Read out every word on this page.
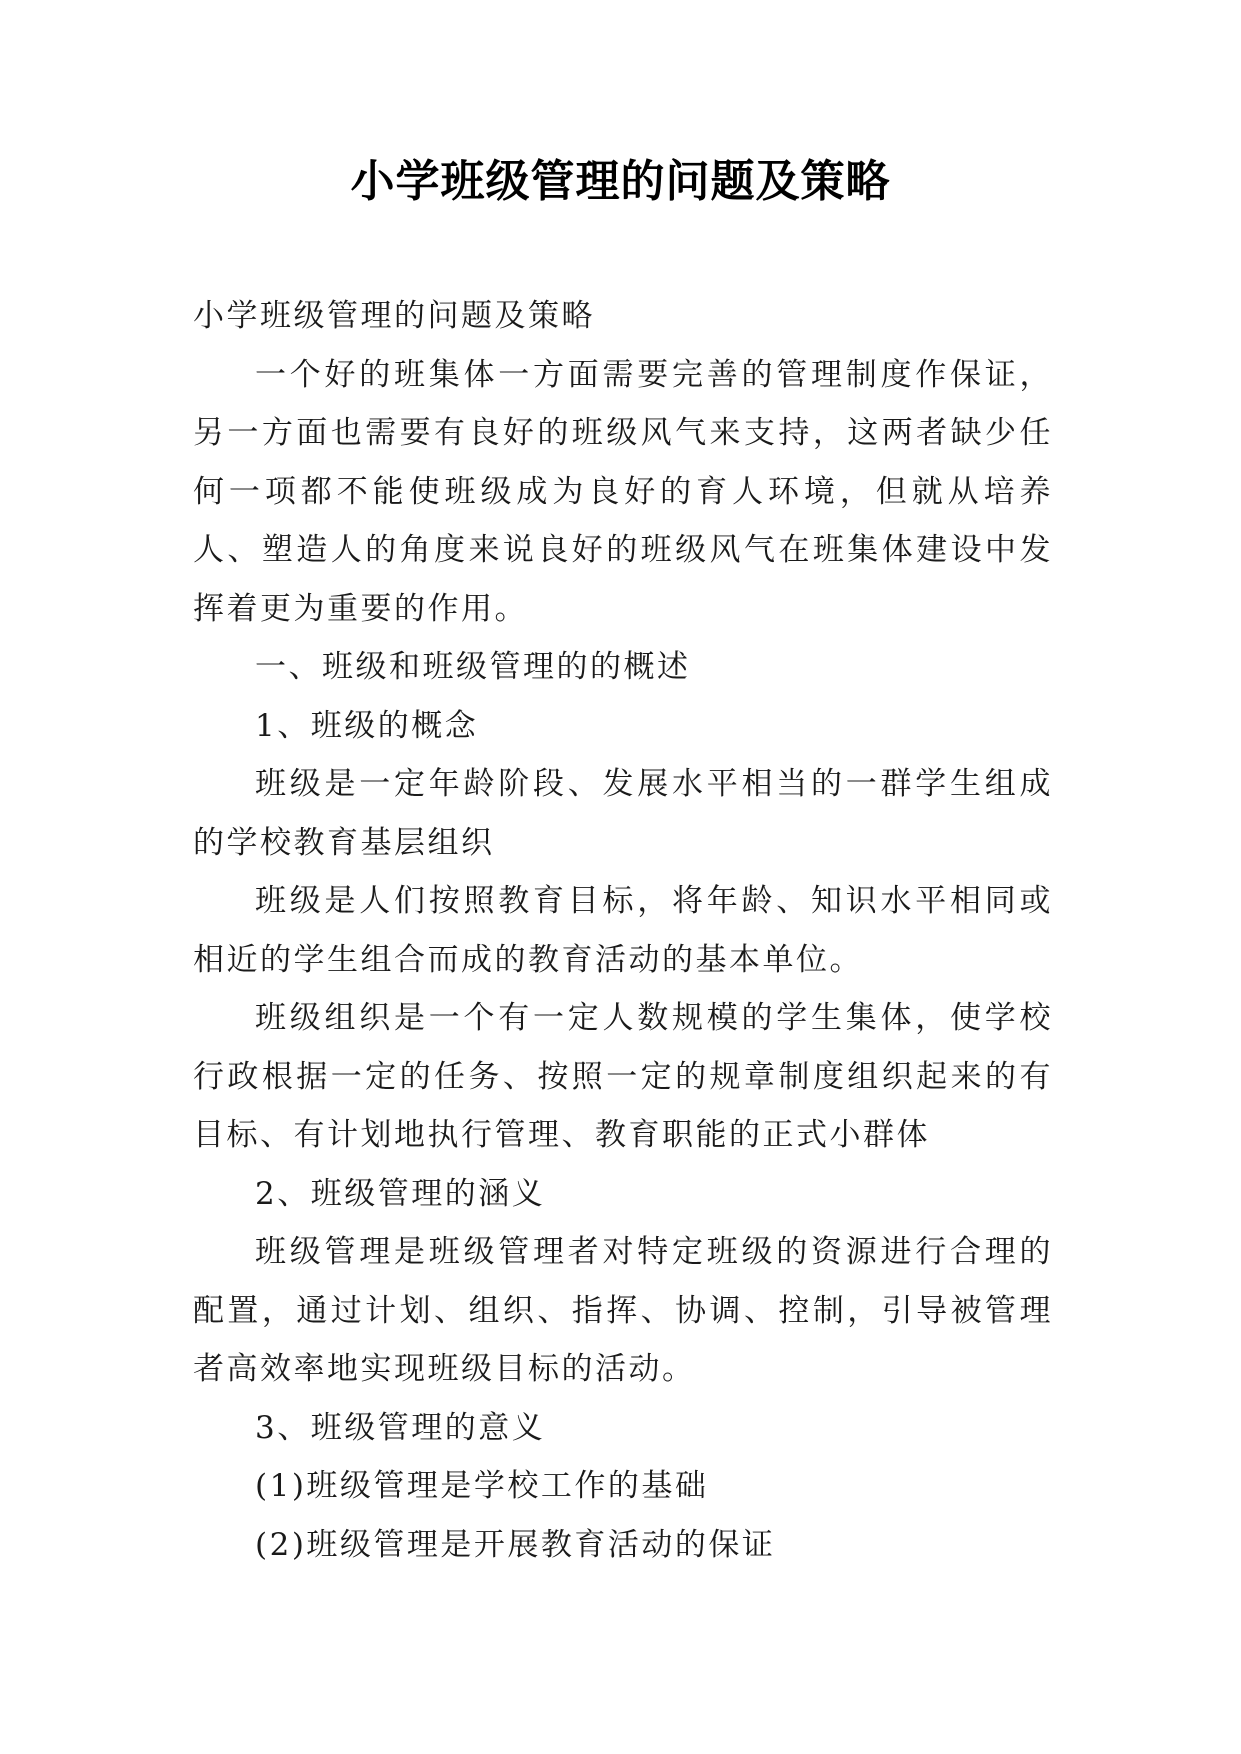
小学班级管理的问题及策略

小学班级管理的问题及策略

一个好的班集体一方面需要完善的管理制度作保证，另一方面也需要有良好的班级风气来支持，这两者缺少任何一项都不能使班级成为良好的育人环境，但就从培养人、塑造人的角度来说良好的班级风气在班集体建设中发挥着更为重要的作用。

一、班级和班级管理的的概述

1、班级的概念

班级是一定年龄阶段、发展水平相当的一群学生组成的学校教育基层组织

班级是人们按照教育目标，将年龄、知识水平相同或相近的学生组合而成的教育活动的基本单位。

班级组织是一个有一定人数规模的学生集体，使学校行政根据一定的任务、按照一定的规章制度组织起来的有目标、有计划地执行管理、教育职能的正式小群体

2、班级管理的涵义

班级管理是班级管理者对特定班级的资源进行合理的配置，通过计划、组织、指挥、协调、控制，引导被管理者高效率地实现班级目标的活动。

3、班级管理的意义

(1)班级管理是学校工作的基础

(2)班级管理是开展教育活动的保证
